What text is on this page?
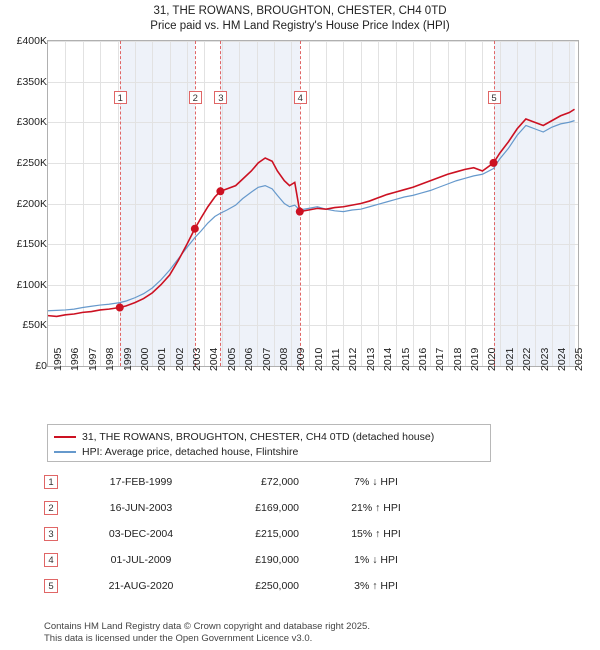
31, THE ROWANS, BROUGHTON, CHESTER, CH4 0TD
Price paid vs. HM Land Registry's House Price Index (HPI)
£0
£50K
£100K
£150K
£200K
£250K
£300K
£350K
£400K
1	2	3	4	5
1995 1996 1997 1998 1999 2000 2001 2002 2003 2004 2005 2006 2007 2008 2009 2010 2011 2012 2013 2014 2015 2016 2017 2018 2019 2020 2021 2022 2023 2024 2025
31, THE ROWANS, BROUGHTON, CHESTER, CH4 0TD (detached house)
HPI: Average price, detached house, Flintshire
1	17-FEB-1999	£72,000	7% ↓ HPI
2	16-JUN-2003	£169,000	21% ↑ HPI
3	03-DEC-2004	£215,000	15% ↑ HPI
4	01-JUL-2009	£190,000	1% ↓ HPI
5	21-AUG-2020	£250,000	3% ↑ HPI
Contains HM Land Registry data © Crown copyright and database right 2025.
This data is licensed under the Open Government Licence v3.0.
